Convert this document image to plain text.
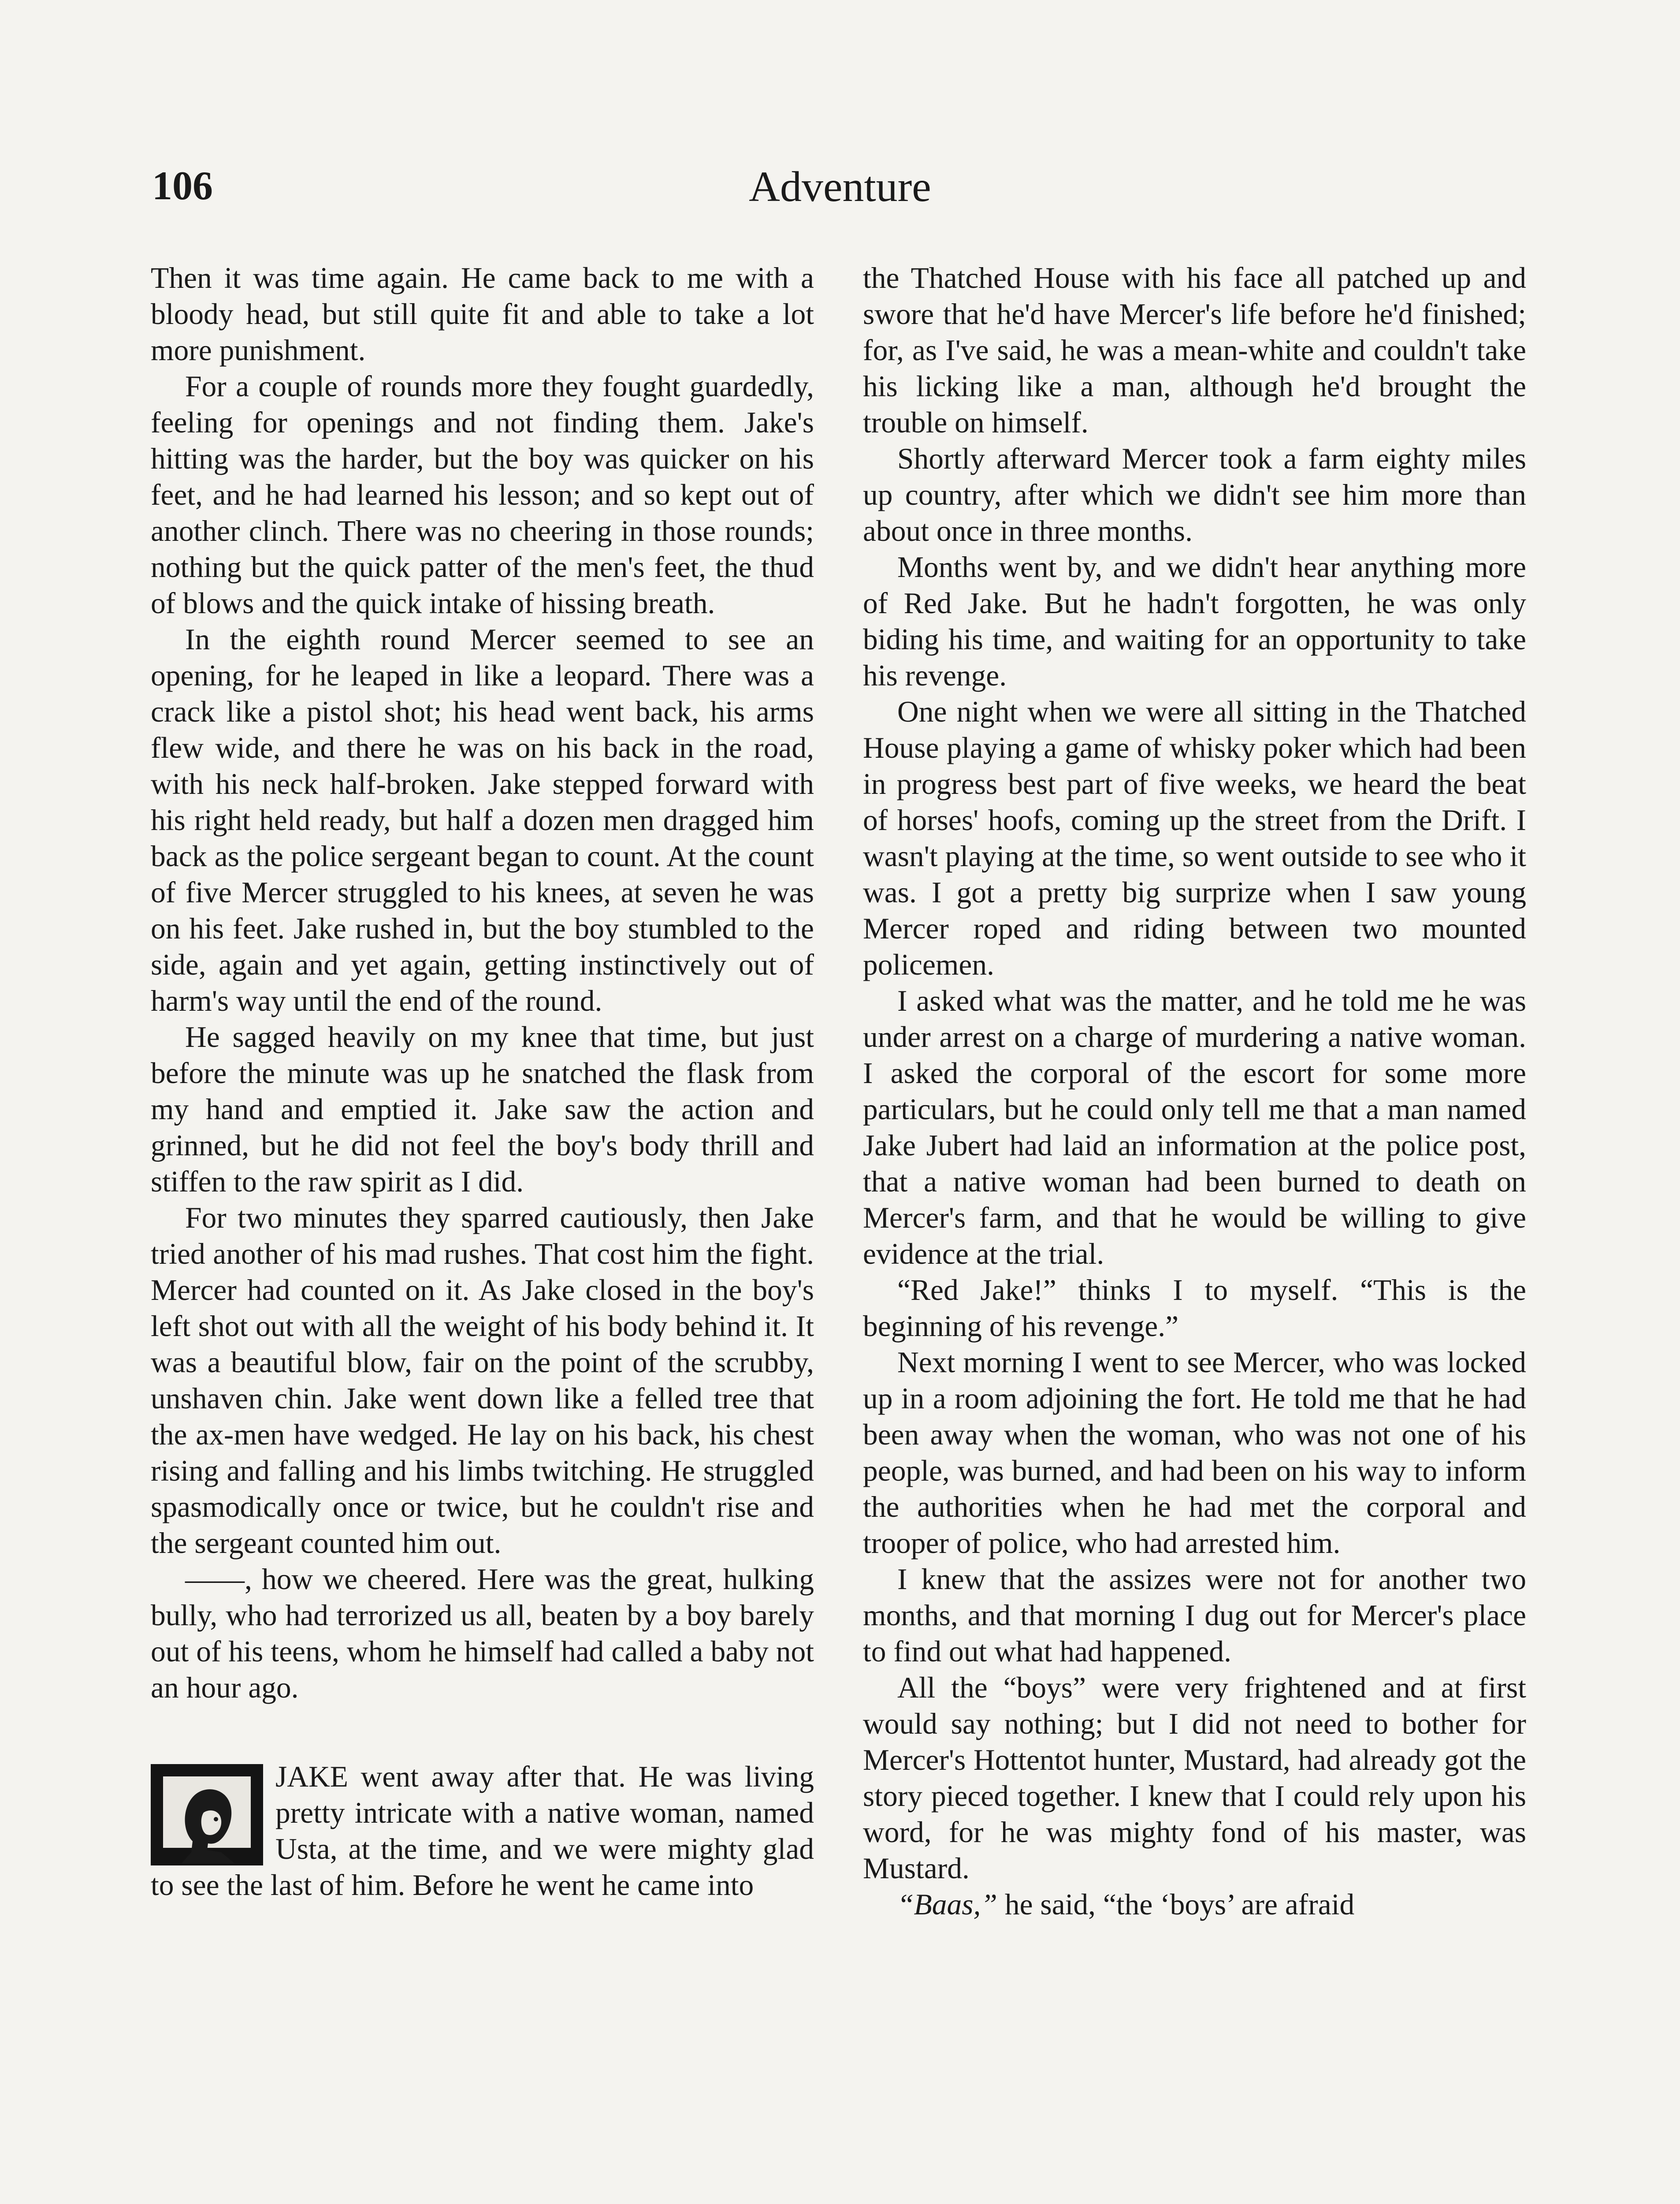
106	Adventure

Then it was time again. He came back to me with a bloody head, but still quite fit and able to take a lot more punishment.

For a couple of rounds more they fought guardedly, feeling for openings and not finding them. Jake's hitting was the harder, but the boy was quicker on his feet, and he had learned his lesson; and so kept out of another clinch. There was no cheering in those rounds; nothing but the quick patter of the men's feet, the thud of blows and the quick intake of hissing breath.

In the eighth round Mercer seemed to see an opening, for he leaped in like a leopard. There was a crack like a pistol shot; his head went back, his arms flew wide, and there he was on his back in the road, with his neck half-broken. Jake stepped forward with his right held ready, but half a dozen men dragged him back as the police sergeant began to count. At the count of five Mercer struggled to his knees, at seven he was on his feet. Jake rushed in, but the boy stumbled to the side, again and yet again, getting instinctively out of harm's way until the end of the round.

He sagged heavily on my knee that time, but just before the minute was up he snatched the flask from my hand and emptied it. Jake saw the action and grinned, but he did not feel the boy's body thrill and stiffen to the raw spirit as I did.

For two minutes they sparred cautiously, then Jake tried another of his mad rushes. That cost him the fight. Mercer had counted on it. As Jake closed in the boy's left shot out with all the weight of his body behind it. It was a beautiful blow, fair on the point of the scrubby, unshaven chin. Jake went down like a felled tree that the ax-men have wedged. He lay on his back, his chest rising and falling and his limbs twitching. He struggled spasmodically once or twice, but he couldn't rise and the sergeant counted him out.

——, how we cheered. Here was the great, hulking bully, who had terrorized us all, beaten by a boy barely out of his teens, whom he himself had called a baby not an hour ago.

JAKE went away after that. He was living pretty intricate with a native woman, named Usta, at the time, and we were mighty glad to see the last of him. Before he went he came into

the Thatched House with his face all patched up and swore that he'd have Mercer's life before he'd finished; for, as I've said, he was a mean-white and couldn't take his licking like a man, although he'd brought the trouble on himself.

Shortly afterward Mercer took a farm eighty miles up country, after which we didn't see him more than about once in three months.

Months went by, and we didn't hear anything more of Red Jake. But he hadn't forgotten, he was only biding his time, and waiting for an opportunity to take his revenge.

One night when we were all sitting in the Thatched House playing a game of whisky poker which had been in progress best part of five weeks, we heard the beat of horses' hoofs, coming up the street from the Drift. I wasn't playing at the time, so went outside to see who it was. I got a pretty big surprize when I saw young Mercer roped and riding between two mounted policemen.

I asked what was the matter, and he told me he was under arrest on a charge of murdering a native woman. I asked the corporal of the escort for some more particulars, but he could only tell me that a man named Jake Jubert had laid an information at the police post, that a native woman had been burned to death on Mercer's farm, and that he would be willing to give evidence at the trial.

“Red Jake!” thinks I to myself. “This is the beginning of his revenge.”

Next morning I went to see Mercer, who was locked up in a room adjoining the fort. He told me that he had been away when the woman, who was not one of his people, was burned, and had been on his way to inform the authorities when he had met the corporal and trooper of police, who had arrested him.

I knew that the assizes were not for another two months, and that morning I dug out for Mercer's place to find out what had happened.

All the “boys” were very frightened and at first would say nothing; but I did not need to bother for Mercer's Hottentot hunter, Mustard, had already got the story pieced together. I knew that I could rely upon his word, for he was mighty fond of his master, was Mustard.

“Baas,” he said, “the ‘boys’ are afraid
